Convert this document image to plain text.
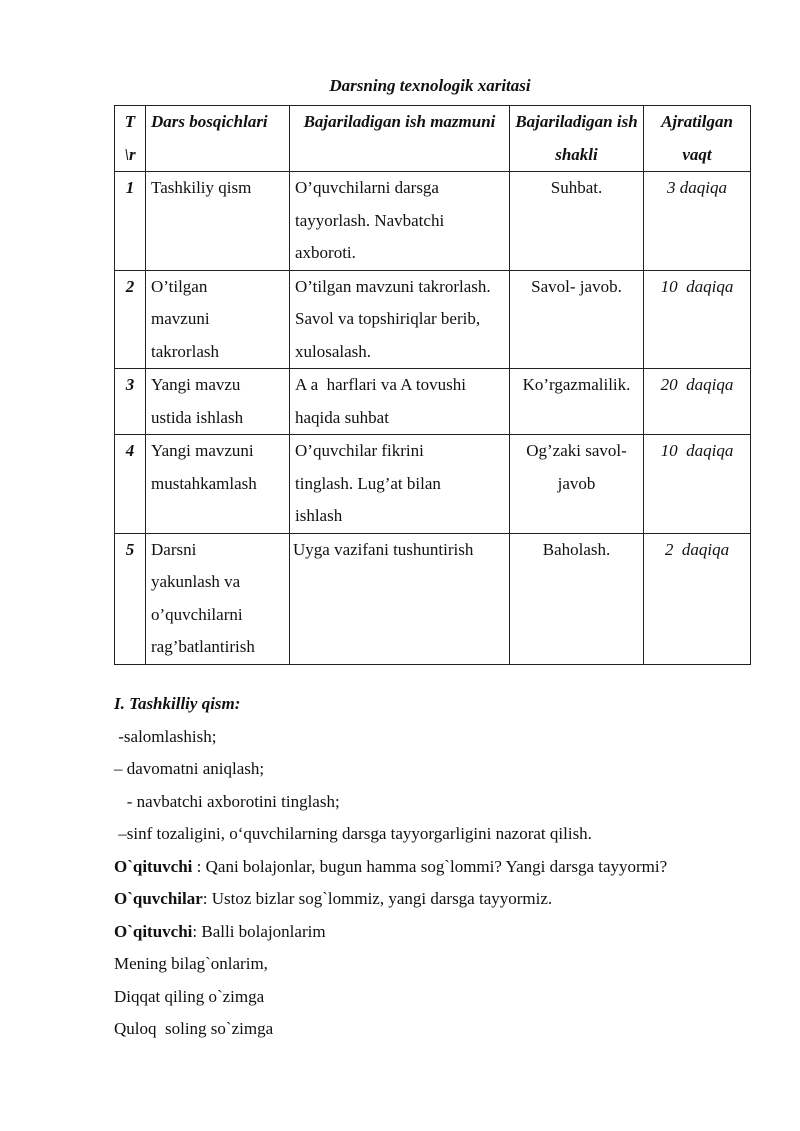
Darsning texnologik xaritasi
T\r	Dars bosqichlari	Bajariladigan ish mazmuni	Bajariladigan ish shakli	Ajratilgan vaqt
1	Tashkiliy qism	O’quvchilarni darsga tayyorlash. Navbatchi axboroti.	Suhbat.	3 daqiqa
2	O’tilgan mavzuni takrorlash	O’tilgan mavzuni takrorlash. Savol va topshiriqlar berib, xulosalash.	Savol- javob.	10  daqiqa
3	Yangi mavzu ustida ishlash	A a  harflari va A tovushi haqida suhbat	Ko’rgazmalilik.	20  daqiqa
4	Yangi mavzuni mustahkamlash	O’quvchilar fikrini tinglash. Lug’at bilan ishlash	Og’zaki savol- javob	10  daqiqa
5	Darsni yakunlash va o’quvchilarni rag’batlantirish	Uyga vazifani tushuntirish	Baholash.	2  daqiqa
I. Tashkilliy qism:
-salomlashish;
– davomatni aniqlash;
- navbatchi axborotini tinglash;
–sinf tozaligini, o‘quvchilarning darsga tayyorgarligini nazorat qilish.
O`qituvchi : Qani bolajonlar, bugun hamma sog`lommi? Yangi darsga tayyormi?
O`quvchilar: Ustoz bizlar sog`lommiz, yangi darsga tayyormiz.
O`qituvchi: Balli bolajonlarim
Mening bilag`onlarim,
Diqqat qiling o`zimga
Quloq  soling so`zimga
